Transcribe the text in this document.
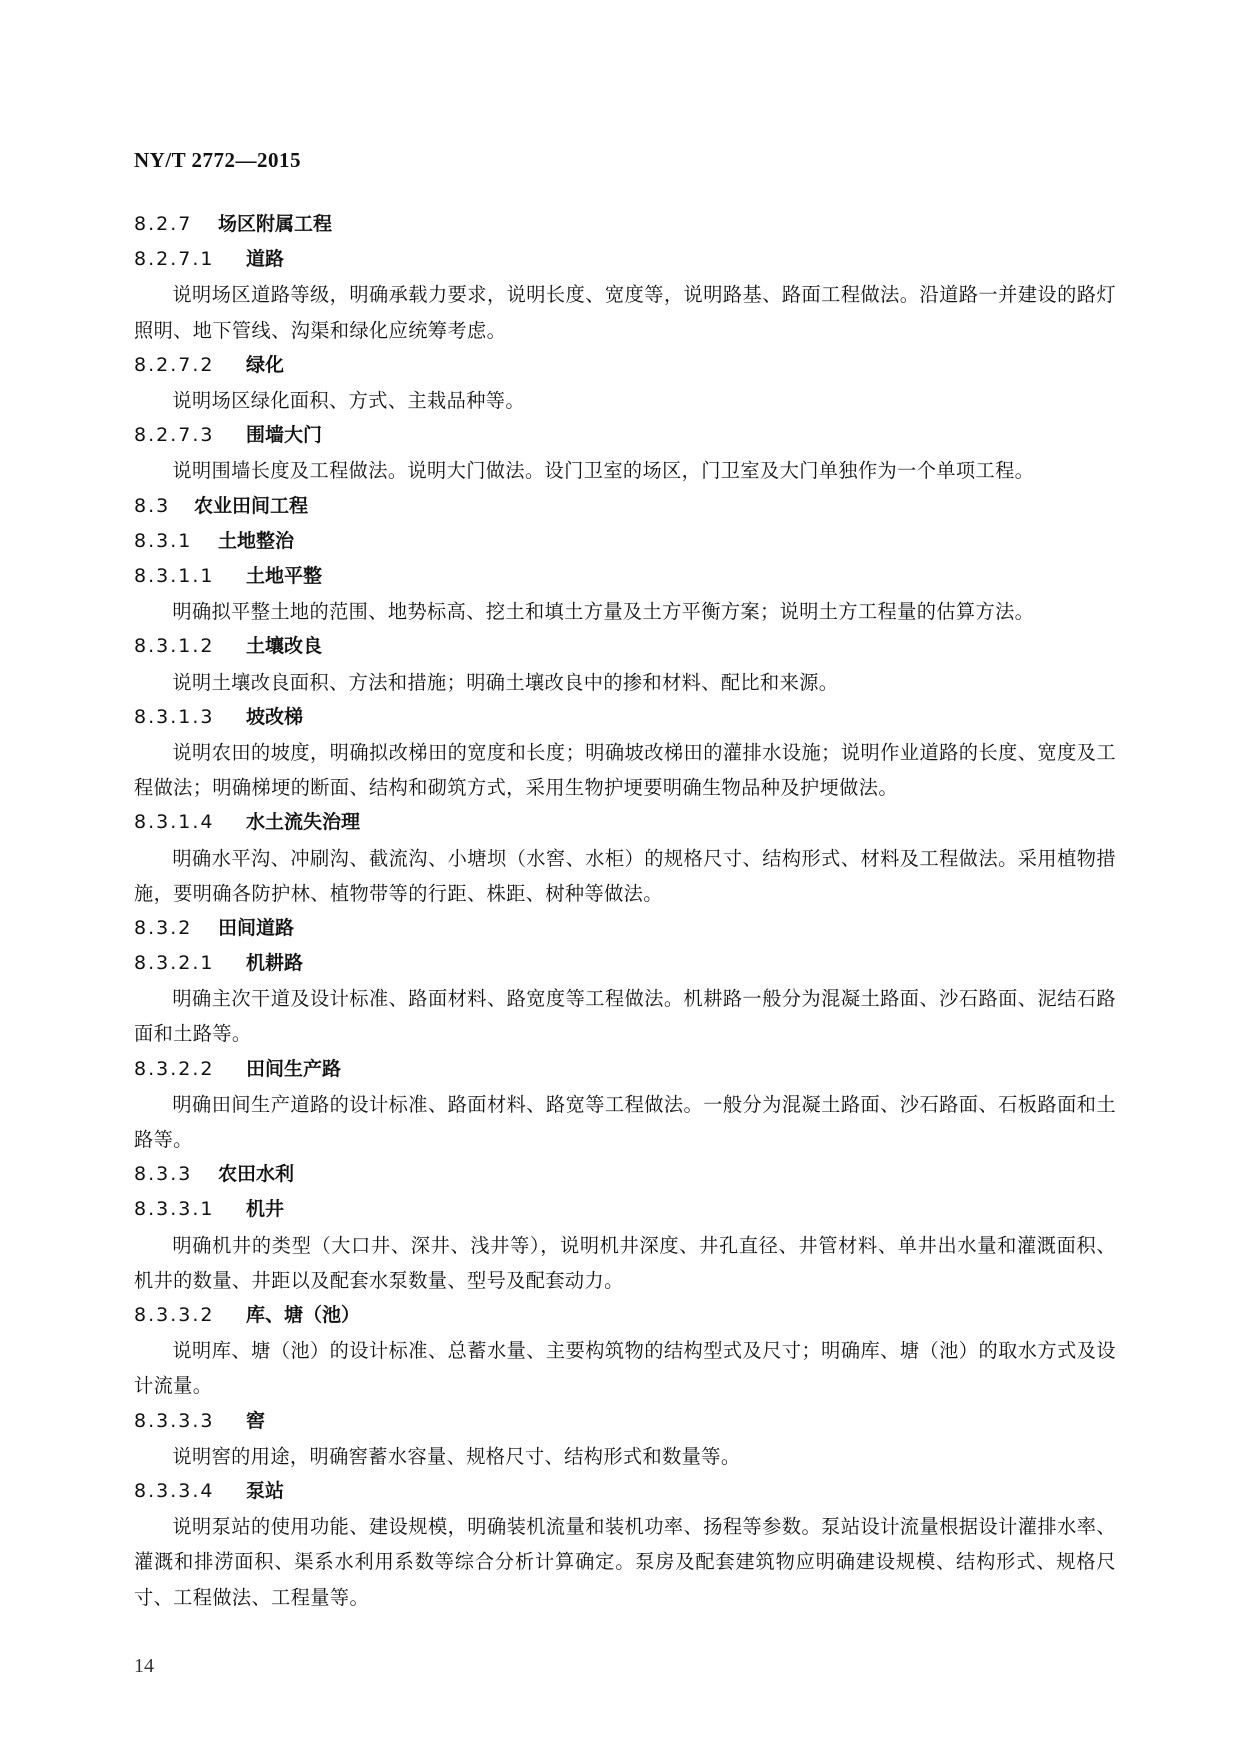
NY/T 2772—2015
8.2.7 场区附属工程
8.2.7.1 道路
说明场区道路等级，明确承载力要求，说明长度、宽度等，说明路基、路面工程做法。沿道路一并建设的路灯照明、地下管线、沟渠和绿化应统筹考虑。
8.2.7.2 绿化
说明场区绿化面积、方式、主栽品种等。
8.2.7.3 围墙大门
说明围墙长度及工程做法。说明大门做法。设门卫室的场区，门卫室及大门单独作为一个单项工程。
8.3 农业田间工程
8.3.1 土地整治
8.3.1.1 土地平整
明确拟平整土地的范围、地势标高、挖土和填土方量及土方平衡方案；说明土方工程量的估算方法。
8.3.1.2 土壤改良
说明土壤改良面积、方法和措施；明确土壤改良中的掺和材料、配比和来源。
8.3.1.3 坡改梯
说明农田的坡度，明确拟改梯田的宽度和长度；明确坡改梯田的灌排水设施；说明作业道路的长度、宽度及工程做法；明确梯埂的断面、结构和砌筑方式，采用生物护埂要明确生物品种及护埂做法。
8.3.1.4 水土流失治理
明确水平沟、冲刷沟、截流沟、小塘坝（水窖、水柜）的规格尺寸、结构形式、材料及工程做法。采用植物措施，要明确各防护林、植物带等的行距、株距、树种等做法。
8.3.2 田间道路
8.3.2.1 机耕路
明确主次干道及设计标准、路面材料、路宽度等工程做法。机耕路一般分为混凝土路面、沙石路面、泥结石路面和土路等。
8.3.2.2 田间生产路
明确田间生产道路的设计标准、路面材料、路宽等工程做法。一般分为混凝土路面、沙石路面、石板路面和土路等。
8.3.3 农田水利
8.3.3.1 机井
明确机井的类型（大口井、深井、浅井等），说明机井深度、井孔直径、井管材料、单井出水量和灌溉面积、机井的数量、井距以及配套水泵数量、型号及配套动力。
8.3.3.2 库、塘（池）
说明库、塘（池）的设计标准、总蓄水量、主要构筑物的结构型式及尺寸；明确库、塘（池）的取水方式及设计流量。
8.3.3.3 窖
说明窖的用途，明确窖蓄水容量、规格尺寸、结构形式和数量等。
8.3.3.4 泵站
说明泵站的使用功能、建设规模，明确装机流量和装机功率、扬程等参数。泵站设计流量根据设计灌排水率、灌溉和排涝面积、渠系水利用系数等综合分析计算确定。泵房及配套建筑物应明确建设规模、结构形式、规格尺寸、工程做法、工程量等。
14
